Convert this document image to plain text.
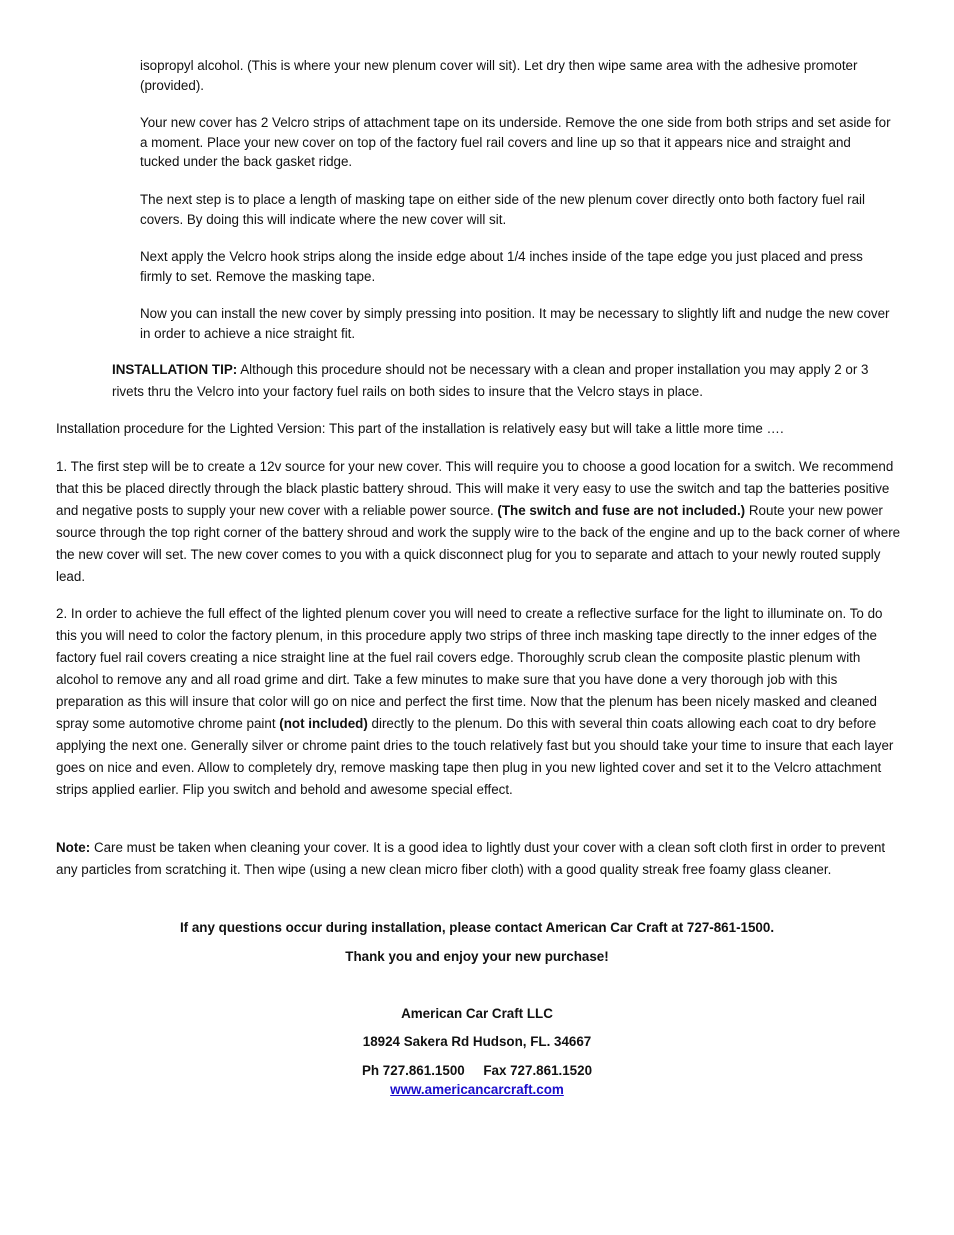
isopropyl alcohol. (This is where your new plenum cover will sit). Let dry then wipe same area with the adhesive promoter (provided).

Your new cover has 2 Velcro strips of attachment tape on its underside. Remove the one side from both strips and set aside for a moment. Place your new cover on top of the factory fuel rail covers and line up so that it appears nice and straight and tucked under the back gasket ridge.

The next step is to place a length of masking tape on either side of the new plenum cover directly onto both factory fuel rail covers. By doing this will indicate where the new cover will sit.

Next apply the Velcro hook strips along the inside edge about 1/4 inches inside of the tape edge you just placed and press firmly to set. Remove the masking tape.

Now you can install the new cover by simply pressing into position. It may be necessary to slightly lift and nudge the new cover in order to achieve a nice straight fit.

INSTALLATION TIP: Although this procedure should not be necessary with a clean and proper installation you may apply 2 or 3 rivets thru the Velcro into your factory fuel rails on both sides to insure that the Velcro stays in place.

Installation procedure for the Lighted Version: This part of the installation is relatively easy but will take a little more time ….

1. The first step will be to create a 12v source for your new cover. This will require you to choose a good location for a switch. We recommend that this be placed directly through the black plastic battery shroud. This will make it very easy to use the switch and tap the batteries positive and negative posts to supply your new cover with a reliable power source. (The switch and fuse are not included.) Route your new power source through the top right corner of the battery shroud and work the supply wire to the back of the engine and up to the back corner of where the new cover will set. The new cover comes to you with a quick disconnect plug for you to separate and attach to your newly routed supply lead.

2. In order to achieve the full effect of the lighted plenum cover you will need to create a reflective surface for the light to illuminate on. To do this you will need to color the factory plenum, in this procedure apply two strips of three inch masking tape directly to the inner edges of the factory fuel rail covers creating a nice straight line at the fuel rail covers edge. Thoroughly scrub clean the composite plastic plenum with alcohol to remove any and all road grime and dirt. Take a few minutes to make sure that you have done a very thorough job with this preparation as this will insure that color will go on nice and perfect the first time. Now that the plenum has been nicely masked and cleaned spray some automotive chrome paint (not included) directly to the plenum. Do this with several thin coats allowing each coat to dry before applying the next one. Generally silver or chrome paint dries to the touch relatively fast but you should take your time to insure that each layer goes on nice and even. Allow to completely dry, remove masking tape then plug in you new lighted cover and set it to the Velcro attachment strips applied earlier. Flip you switch and behold and awesome special effect.

Note: Care must be taken when cleaning your cover. It is a good idea to lightly dust your cover with a clean soft cloth first in order to prevent any particles from scratching it. Then wipe (using a new clean micro fiber cloth) with a good quality streak free foamy glass cleaner.

If any questions occur during installation, please contact American Car Craft at 727-861-1500.

Thank you and enjoy your new purchase!

American Car Craft LLC

18924 Sakera Rd Hudson, FL. 34667

Ph 727.861.1500     Fax 727.861.1520

www.americancarcraft.com
